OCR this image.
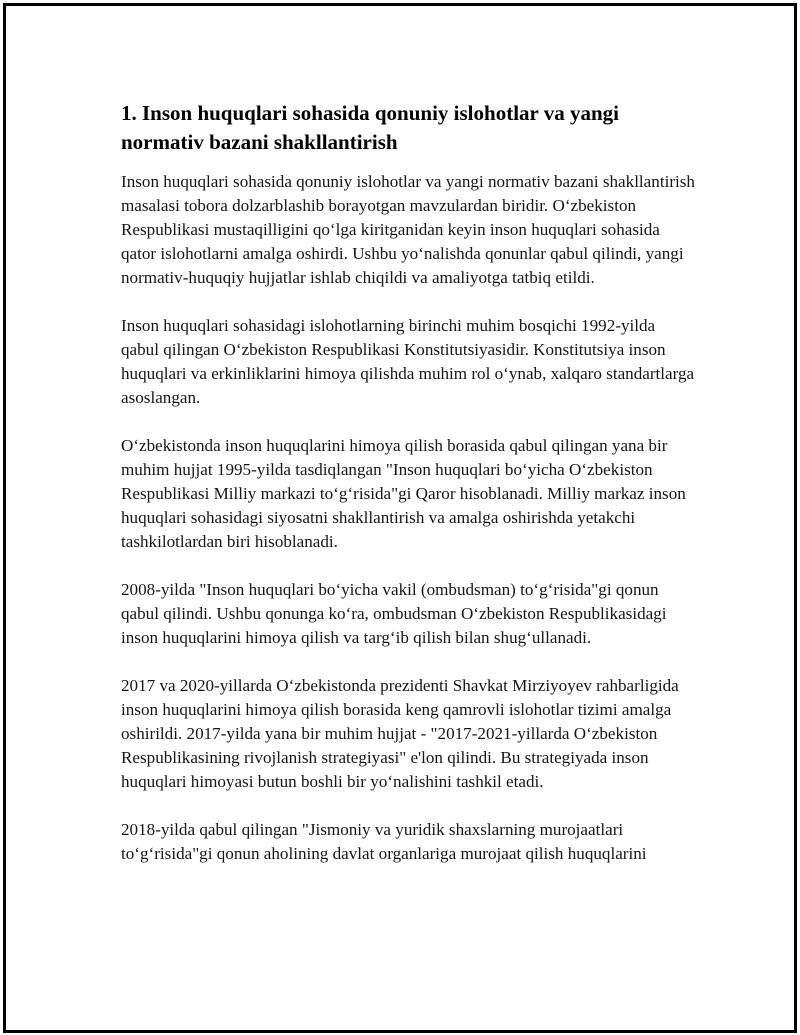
1. Inson huquqlari sohasida qonuniy islohotlar va yangi normativ bazani shakllantirish

Inson huquqlari sohasida qonuniy islohotlar va yangi normativ bazani shakllantirish masalasi tobora dolzarblashib borayotgan mavzulardan biridir. O‘zbekiston Respublikasi mustaqilligini qo‘lga kiritganidan keyin inson huquqlari sohasida qator islohotlarni amalga oshirdi. Ushbu yo‘nalishda qonunlar qabul qilindi, yangi normativ-huquqiy hujjatlar ishlab chiqildi va amaliyotga tatbiq etildi.

Inson huquqlari sohasidagi islohotlarning birinchi muhim bosqichi 1992-yilda qabul qilingan O‘zbekiston Respublikasi Konstitutsiyasidir. Konstitutsiya inson huquqlari va erkinliklarini himoya qilishda muhim rol o‘ynab, xalqaro standartlarga asoslangan.

O‘zbekistonda inson huquqlarini himoya qilish borasida qabul qilingan yana bir muhim hujjat 1995-yilda tasdiqlangan "Inson huquqlari bo‘yicha O‘zbekiston Respublikasi Milliy markazi to‘g‘risida"gi Qaror hisoblanadi. Milliy markaz inson huquqlari sohasidagi siyosatni shakllantirish va amalga oshirishda yetakchi tashkilotlardan biri hisoblanadi.

2008-yilda "Inson huquqlari bo‘yicha vakil (ombudsman) to‘g‘risida"gi qonun qabul qilindi. Ushbu qonunga ko‘ra, ombudsman O‘zbekiston Respublikasidagi inson huquqlarini himoya qilish va targ‘ib qilish bilan shug‘ullanadi.

2017 va 2020-yillarda O‘zbekistonda prezidenti Shavkat Mirziyoyev rahbarligida inson huquqlarini himoya qilish borasida keng qamrovli islohotlar tizimi amalga oshirildi. 2017-yilda yana bir muhim hujjat - "2017-2021-yillarda O‘zbekiston Respublikasining rivojlanish strategiyasi" e'lon qilindi. Bu strategiyada inson huquqlari himoyasi butun boshli bir yo‘nalishini tashkil etadi.

2018-yilda qabul qilingan "Jismoniy va yuridik shaxslarning murojaatlari to‘g‘risida"gi qonun aholining davlat organlariga murojaat qilish huquqlarini
